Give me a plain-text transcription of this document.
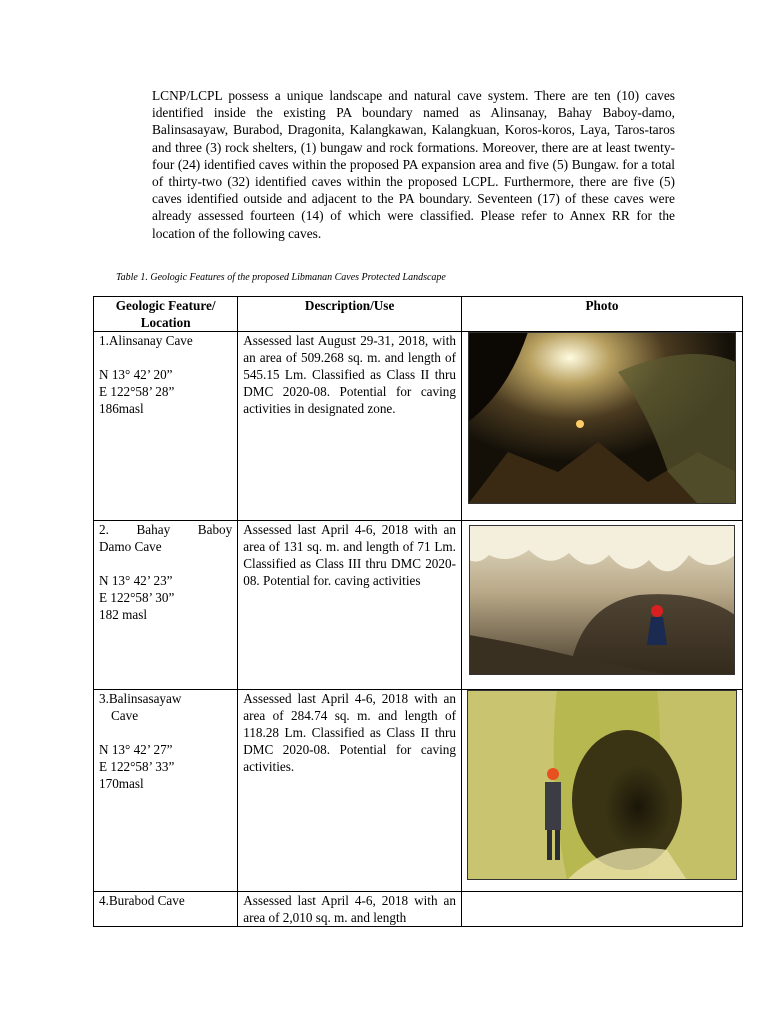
LCNP/LCPL possess a unique landscape and natural cave system. There are ten (10) caves identified inside the existing PA boundary named as Alinsanay, Bahay Baboy-damo, Balinsasayaw, Burabod, Dragonita, Kalangkawan, Kalangkuan, Koros-koros, Laya, Taros-taros and three (3) rock shelters, (1) bungaw and rock formations. Moreover, there are at least twenty-four (24) identified caves within the proposed PA expansion area and five (5) Bungaw. for a total of thirty-two (32) identified caves within the proposed LCPL. Furthermore, there are five (5) caves identified outside and adjacent to the PA boundary. Seventeen (17) of these caves were already assessed fourteen (14) of which were classified. Please refer to Annex RR for the location of the following caves.
Table 1. Geologic Features of the proposed Libmanan Caves Protected Landscape
Geologic Feature/ Location	Description/Use	Photo

1.Alinsanay Cave
N 13° 42’ 20”
E 122°58’ 28”
186masl	Assessed last August 29-31, 2018, with an area of 509.268 sq. m. and length of 545.15 Lm. Classified as Class II thru DMC 2020-08. Potential for caving activities in designated zone.	

2. Bahay Baboy
Damo Cave
N 13° 42’ 23”
E 122°58’ 30”
182 masl	Assessed last April 4-6, 2018 with an area of 131 sq. m. and length of 71 Lm. Classified as Class III thru DMC 2020-08. Potential for. caving activities	

3.Balinsasayaw
Cave
N 13° 42’ 27”
E 122°58’ 33”
170masl	Assessed last April 4-6, 2018 with an area of 284.74 sq. m. and length of 118.28 Lm. Classified as Class II thru DMC 2020-08. Potential for caving activities.	

4.Burabod Cave	Assessed last April 4-6, 2018 with an area of 2,010 sq. m. and length	
